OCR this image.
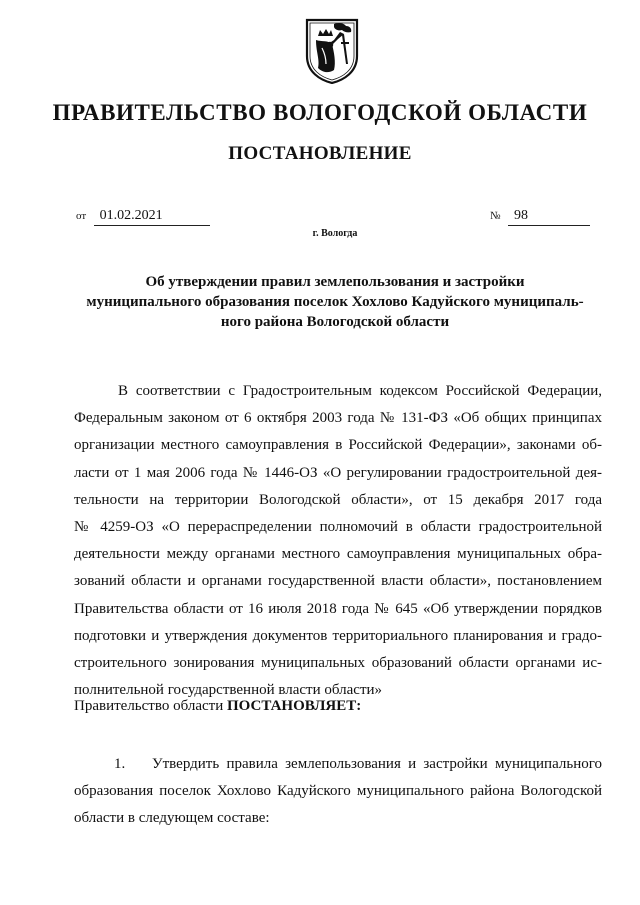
ПРАВИТЕЛЬСТВО ВОЛОГОДСКОЙ ОБЛАСТИ
ПОСТАНОВЛЕНИЕ
от 01.02.2021	№ 98
г. Вологда
Об утверждении правил землепользования и застройки
муниципального образования поселок Хохлово Кадуйского муниципаль-
ного района Вологодской области
В соответствии с Градостроительным кодексом Российской Федерации,
Федеральным законом от 6 октября 2003 года № 131-ФЗ «Об общих принципах
организации местного самоуправления в Российской Федерации», законами об-
ласти от 1 мая 2006 года № 1446-ОЗ «О регулировании градостроительной дея-
тельности на территории Вологодской области», от 15 декабря 2017 года
№ 4259-ОЗ «О перераспределении полномочий в области градостроительной
деятельности между органами местного самоуправления муниципальных обра-
зований области и органами государственной власти области», постановлением
Правительства области от 16 июля 2018 года № 645 «Об утверждении порядков
подготовки и утверждения документов территориального планирования и градо-
строительного зонирования муниципальных образований области органами ис-
полнительной государственной власти области»
Правительство области ПОСТАНОВЛЯЕТ:
1. Утвердить правила землепользования и застройки муниципального
образования поселок Хохлово Кадуйского муниципального района Вологодской
области в следующем составе:
